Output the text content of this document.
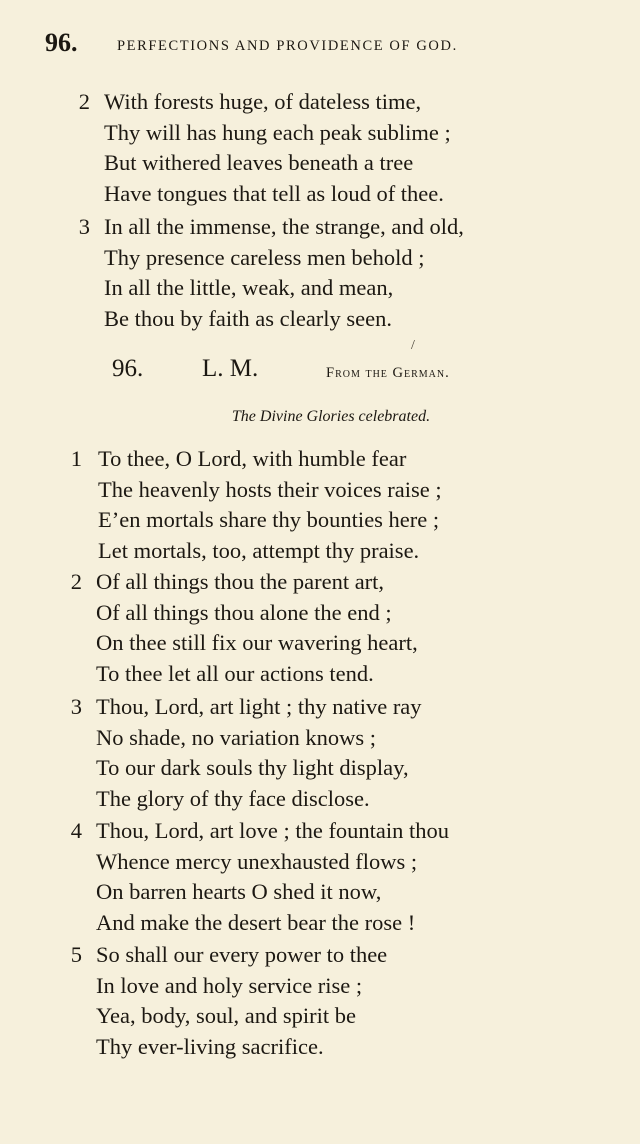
96.	PERFECTIONS AND PROVIDENCE OF GOD.
2 With forests huge, of dateless time,
Thy will has hung each peak sublime ;
But withered leaves beneath a tree
Have tongues that tell as loud of thee.
3 In all the immense, the strange, and old,
Thy presence careless men behold ;
In all the little, weak, and mean,
Be thou by faith as clearly seen.
/
96. L. M.	From the German.
The Divine Glories celebrated.
1 To thee, O Lord, with humble fear
The heavenly hosts their voices raise ;
E’en mortals share thy bounties here ;
Let mortals, too, attempt thy praise.
2 Of all things thou the parent art,
Of all things thou alone the end ;
On thee still fix our wavering heart,
To thee let all our actions tend.
3 Thou, Lord, art light ; thy native ray
No shade, no variation knows ;
To our dark souls thy light display,
The glory of thy face disclose.
4 Thou, Lord, art love ; the fountain thou
Whence mercy unexhausted flows ;
On barren hearts O shed it now,
And make the desert bear the rose !
5 So shall our every power to thee
In love and holy service rise ;
Yea, body, soul, and spirit be
Thy ever-living sacrifice.
